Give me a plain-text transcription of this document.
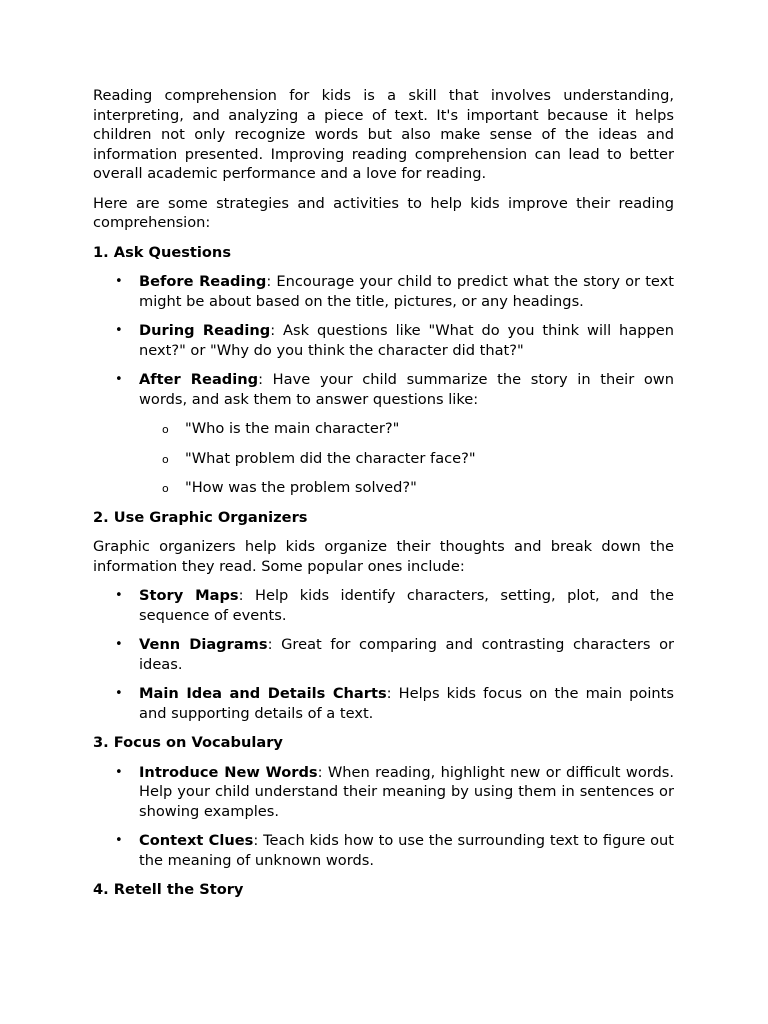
Reading comprehension for kids is a skill that involves understanding, interpreting, and analyzing a piece of text. It's important because it helps children not only recognize words but also make sense of the ideas and information presented. Improving reading comprehension can lead to better overall academic performance and a love for reading.

Here are some strategies and activities to help kids improve their reading comprehension:

1. Ask Questions
• Before Reading: Encourage your child to predict what the story or text might be about based on the title, pictures, or any headings.
• During Reading: Ask questions like "What do you think will happen next?" or "Why do you think the character did that?"
• After Reading: Have your child summarize the story in their own words, and ask them to answer questions like:
o "Who is the main character?"
o "What problem did the character face?"
o "How was the problem solved?"
2. Use Graphic Organizers

Graphic organizers help kids organize their thoughts and break down the information they read. Some popular ones include:

• Story Maps: Help kids identify characters, setting, plot, and the sequence of events.
• Venn Diagrams: Great for comparing and contrasting characters or ideas.
• Main Idea and Details Charts: Helps kids focus on the main points and supporting details of a text.
3. Focus on Vocabulary
• Introduce New Words: When reading, highlight new or difficult words. Help your child understand their meaning by using them in sentences or showing examples.
• Context Clues: Teach kids how to use the surrounding text to figure out the meaning of unknown words.
4. Retell the Story
